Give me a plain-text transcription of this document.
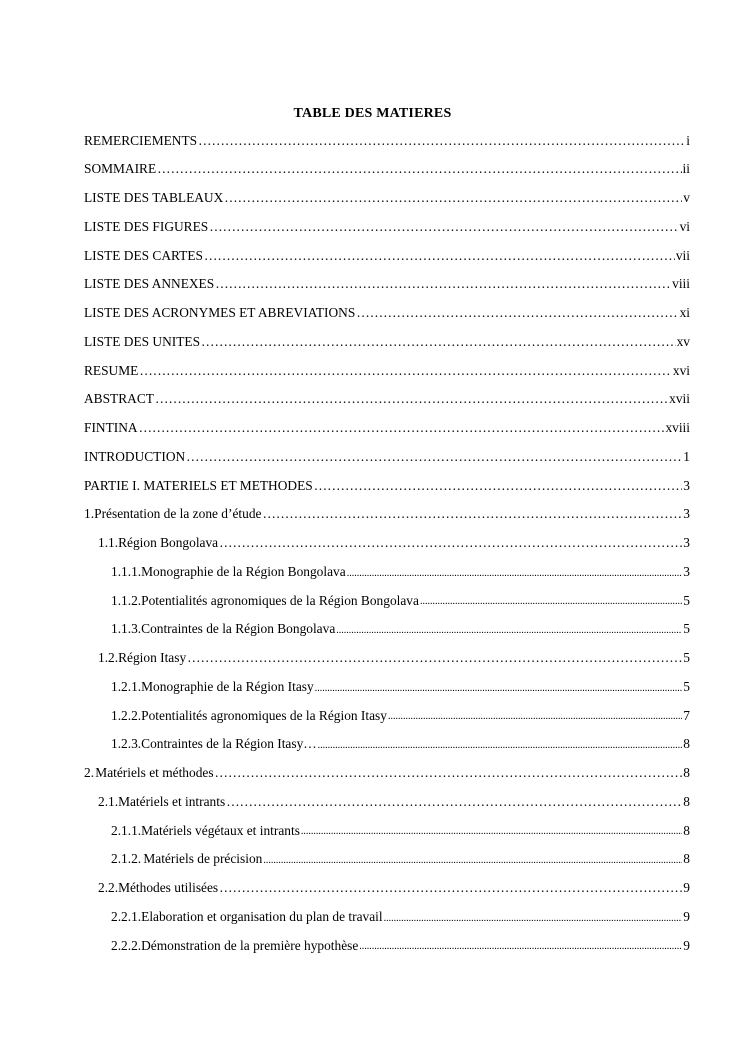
TABLE DES MATIERES
REMERCIEMENTS ……………………………………………………………………………………………………………………………………………………………………………………	i
SOMMAIRE ……………………………………………………………………………………………………………………………………………………………………………………	ii
LISTE DES TABLEAUX ……………………………………………………………………………………………………………………………………………………………………………………	v
LISTE DES FIGURES ……………………………………………………………………………………………………………………………………………………………………………………	vi
LISTE DES CARTES ……………………………………………………………………………………………………………………………………………………………………………………	vii
LISTE DES ANNEXES ……………………………………………………………………………………………………………………………………………………………………………………	viii
LISTE DES ACRONYMES ET ABREVIATIONS ……………………………………………………………………………………………………………………………………………………………………………………	xi
LISTE DES UNITES ……………………………………………………………………………………………………………………………………………………………………………………	xv
RESUME ……………………………………………………………………………………………………………………………………………………………………………………	xvi
ABSTRACT ……………………………………………………………………………………………………………………………………………………………………………………	xvii
FINTINA ……………………………………………………………………………………………………………………………………………………………………………………	xviii
INTRODUCTION ……………………………………………………………………………………………………………………………………………………………………………………	1
PARTIE I. MATERIELS ET METHODES ……………………………………………………………………………………………………………………………………………………………………………………	3
1. Présentation de la zone d’étude ……………………………………………………………………………………………………………………………………………………………………………………	3
1.1.Région Bongolava ……………………………………………………………………………………………………………………………………………………………………………………	3
1.1.1. Monographie de la Région Bongolava .....	3
1.1.2. Potentialités agronomiques de la Région Bongolava .....	5
1.1.3. Contraintes de la Région Bongolava .....	5
1.2.Région Itasy ……………………………………………………………………………………………………………………………………………………………………………………	5
1.2.1. Monographie de la Région Itasy .....	5
1.2.2. Potentialités agronomiques de la Région Itasy .....	7
1.2.3. Contraintes de la Région Itasy… .....	8
2. Matériels et méthodes ……………………………………………………………………………………………………………………………………………………………………………………	8
2.1.Matériels et intrants ……………………………………………………………………………………………………………………………………………………………………………………	8
2.1.1. Matériels végétaux et intrants .....	8
2.1.2. Matériels de précision .....	8
2.2.Méthodes utilisées ……………………………………………………………………………………………………………………………………………………………………………………	9
2.2.1. Elaboration et organisation du plan de travail .....	9
2.2.2. Démonstration de la première hypothèse .....	9
